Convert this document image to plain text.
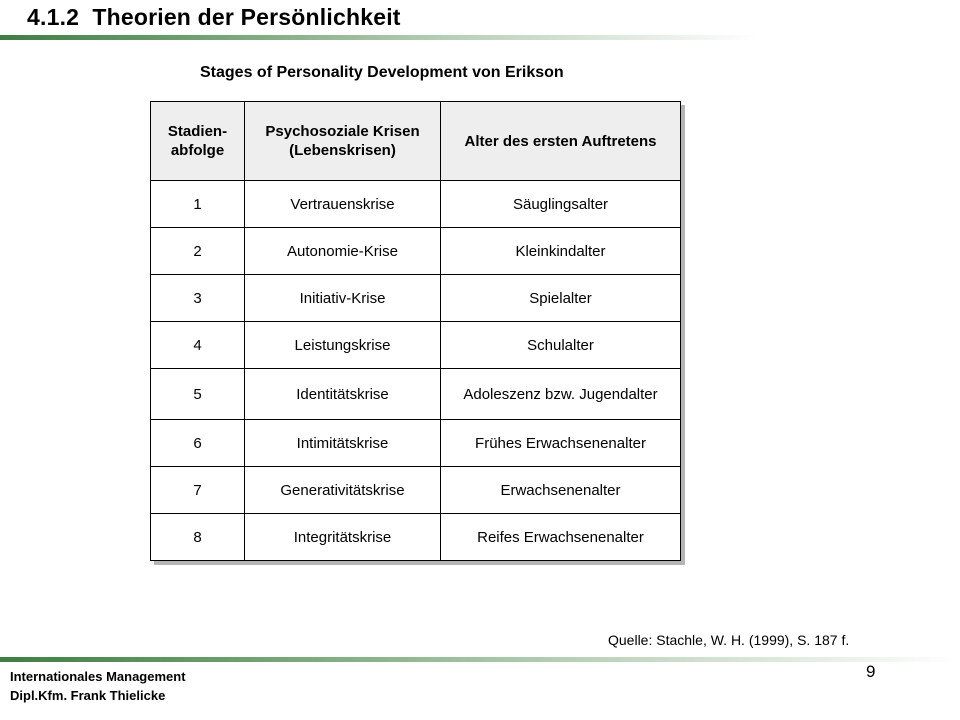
4.1.2  Theorien der Persönlichkeit
Stages of Personality Development von Erikson
Stadien-
abfolge	Psychosoziale Krisen (Lebenskrisen)	Alter des ersten Auftretens
1	Vertrauenskrise	Säuglingsalter
2	Autonomie-Krise	Kleinkindalter
3	Initiativ-Krise	Spielalter
4	Leistungskrise	Schulalter
5	Identitätskrise	Adoleszenz bzw. Jugendalter
6	Intimitätskrise	Frühes Erwachsenenalter
7	Generativitätskrise	Erwachsenenalter
8	Integritätskrise	Reifes Erwachsenenalter
Quelle: Stachle, W. H. (1999), S. 187 f.
Internationales Management
Dipl.Kfm. Frank Thielicke
9
